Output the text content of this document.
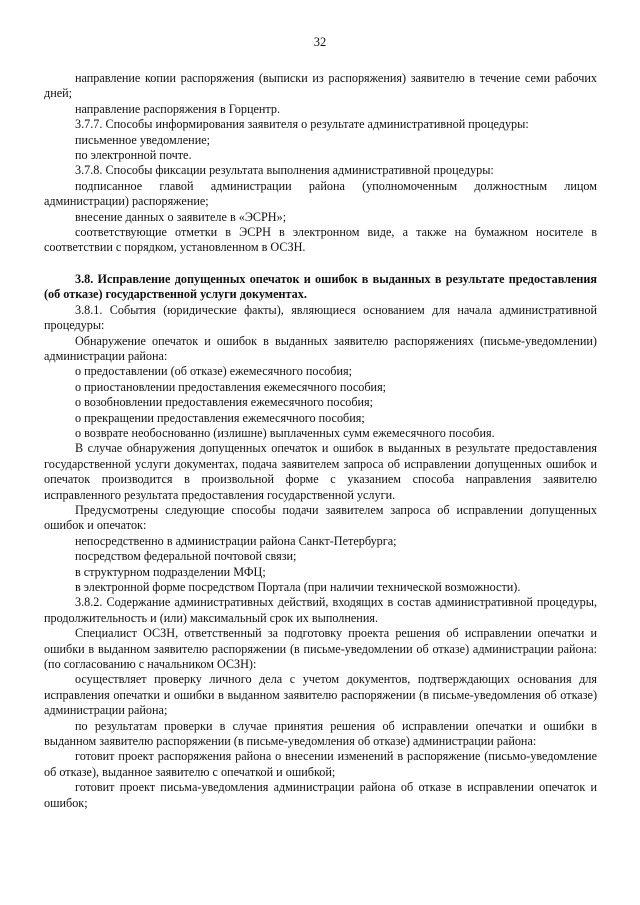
32

направление копии распоряжения (выписки из распоряжения) заявителю в течение семи рабочих дней;

направление распоряжения в Горцентр.

3.7.7. Способы информирования заявителя о результате административной процедуры:

письменное уведомление;

по электронной почте.

3.7.8. Способы фиксации результата выполнения административной процедуры:

подписанное главой администрации района (уполномоченным должностным лицом администрации) распоряжение;

внесение данных о заявителе в «ЭСРН»;

соответствующие отметки в ЭСРН в электронном виде, а также на бумажном носителе в соответствии с порядком, установленном в ОСЗН.

3.8. Исправление допущенных опечаток и ошибок в выданных в результате предоставления (об отказе) государственной услуги документах.

3.8.1. События (юридические факты), являющиеся основанием для начала административной процедуры:

Обнаружение опечаток и ошибок в выданных заявителю распоряжениях (письме-уведомлении) администрации района:

о предоставлении (об отказе) ежемесячного пособия;

о приостановлении предоставления ежемесячного пособия;

о возобновлении предоставления ежемесячного пособия;

о прекращении предоставления ежемесячного пособия;

о возврате необоснованно (излишне) выплаченных сумм ежемесячного пособия.

В случае обнаружения допущенных опечаток и ошибок в выданных в результате предоставления государственной услуги документах, подача заявителем запроса об исправлении допущенных ошибок и опечаток производится в произвольной форме с указанием способа направления заявителю исправленного результата предоставления государственной услуги.

Предусмотрены следующие способы подачи заявителем запроса об исправлении допущенных ошибок и опечаток:

непосредственно в администрации района Санкт-Петербурга;

посредством федеральной почтовой связи;

в структурном подразделении МФЦ;

в электронной форме посредством Портала (при наличии технической возможности).

3.8.2. Содержание административных действий, входящих в состав административной процедуры, продолжительность и (или) максимальный срок их выполнения.

Специалист ОСЗН, ответственный за подготовку проекта решения об исправлении опечатки и ошибки в выданном заявителю распоряжении (в письме-уведомлении об отказе) администрации района: (по согласованию с начальником ОСЗН):

осуществляет проверку личного дела с учетом документов, подтверждающих основания для исправления опечатки и ошибки в выданном заявителю распоряжении (в письме-уведомления об отказе) администрации района;

по результатам проверки в случае принятия решения об исправлении опечатки и ошибки в выданном заявителю распоряжении (в письме-уведомления об отказе) администрации района:

готовит проект распоряжения района о внесении изменений в распоряжение (письмо-уведомление об отказе), выданное заявителю с опечаткой и ошибкой;

готовит проект письма-уведомления администрации района об отказе в исправлении опечаток и ошибок;
